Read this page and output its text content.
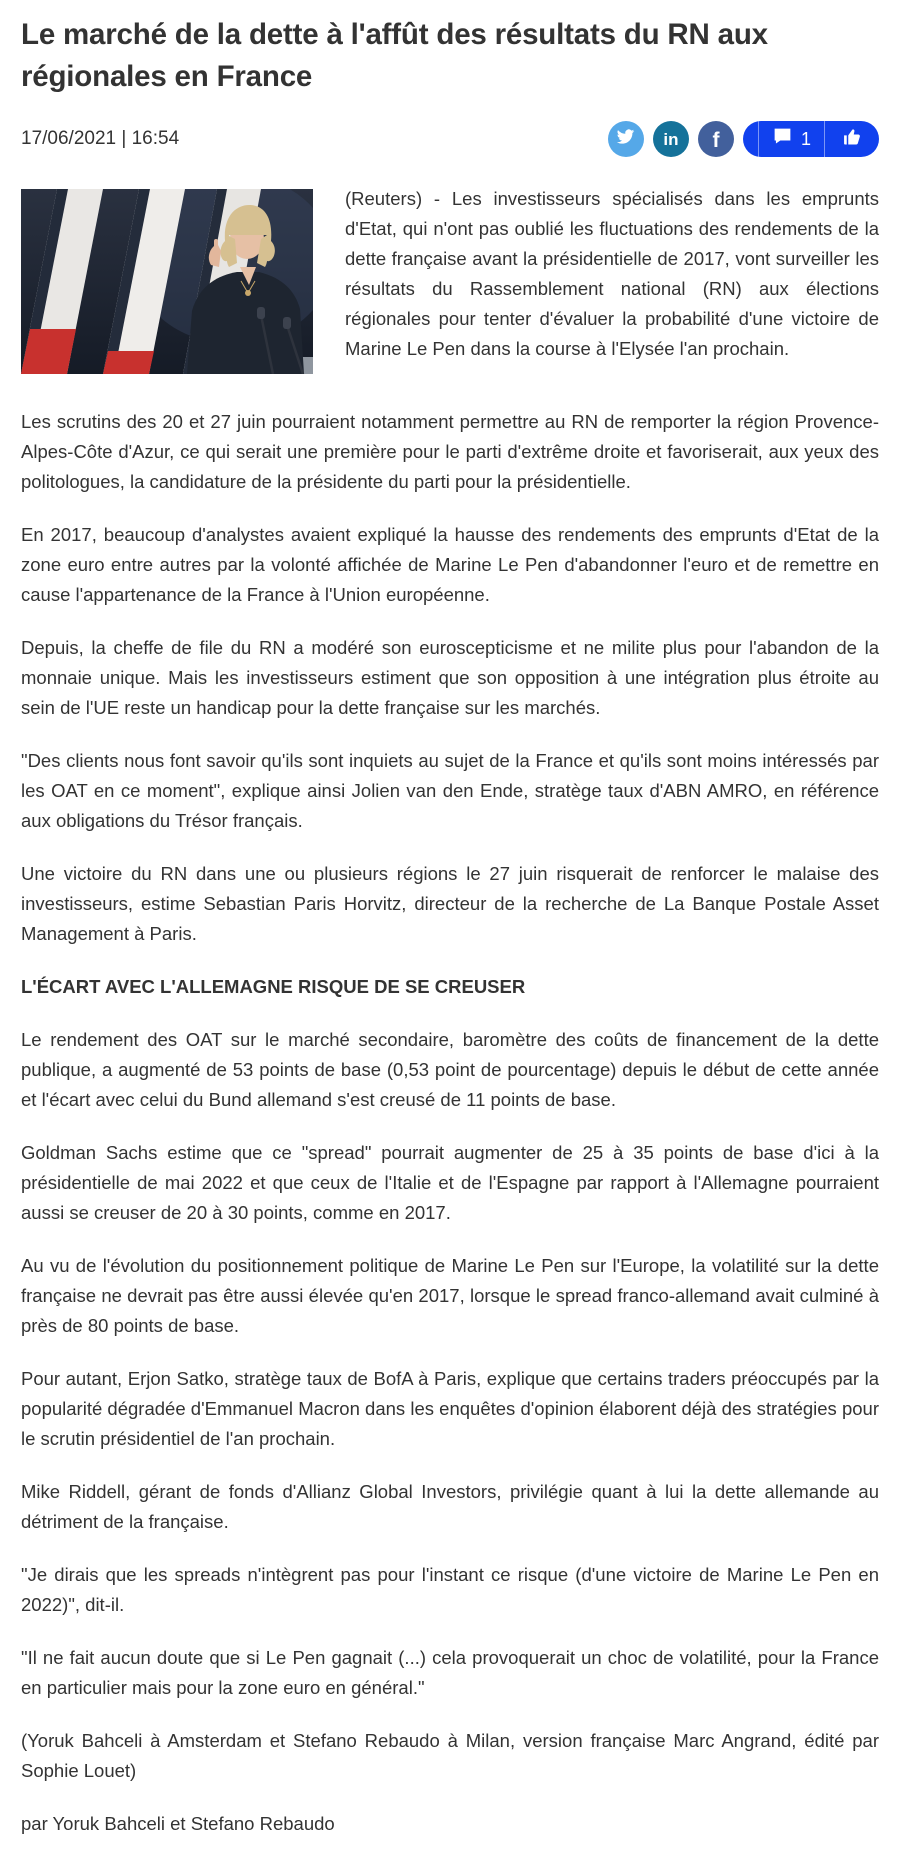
Le marché de la dette à l'affût des résultats du RN aux régionales en France
17/06/2021 | 16:54	in f	1

(Reuters) - Les investisseurs spécialisés dans les emprunts d'Etat, qui n'ont pas oublié les fluctuations des rendements de la dette française avant la présidentielle de 2017, vont surveiller les résultats du Rassemblement national (RN) aux élections régionales pour tenter d'évaluer la probabilité d'une victoire de Marine Le Pen dans la course à l'Elysée l'an prochain.

Les scrutins des 20 et 27 juin pourraient notamment permettre au RN de remporter la région Provence-Alpes-Côte d'Azur, ce qui serait une première pour le parti d'extrême droite et favoriserait, aux yeux des politologues, la candidature de la présidente du parti pour la présidentielle.

En 2017, beaucoup d'analystes avaient expliqué la hausse des rendements des emprunts d'Etat de la zone euro entre autres par la volonté affichée de Marine Le Pen d'abandonner l'euro et de remettre en cause l'appartenance de la France à l'Union européenne.

Depuis, la cheffe de file du RN a modéré son euroscepticisme et ne milite plus pour l'abandon de la monnaie unique. Mais les investisseurs estiment que son opposition à une intégration plus étroite au sein de l'UE reste un handicap pour la dette française sur les marchés.

"Des clients nous font savoir qu'ils sont inquiets au sujet de la France et qu'ils sont moins intéressés par les OAT en ce moment", explique ainsi Jolien van den Ende, stratège taux d'ABN AMRO, en référence aux obligations du Trésor français.

Une victoire du RN dans une ou plusieurs régions le 27 juin risquerait de renforcer le malaise des investisseurs, estime Sebastian Paris Horvitz, directeur de la recherche de La Banque Postale Asset Management à Paris.

L'ÉCART AVEC L'ALLEMAGNE RISQUE DE SE CREUSER

Le rendement des OAT sur le marché secondaire, baromètre des coûts de financement de la dette publique, a augmenté de 53 points de base (0,53 point de pourcentage) depuis le début de cette année et l'écart avec celui du Bund allemand s'est creusé de 11 points de base.

Goldman Sachs estime que ce "spread" pourrait augmenter de 25 à 35 points de base d'ici à la présidentielle de mai 2022 et que ceux de l'Italie et de l'Espagne par rapport à l'Allemagne pourraient aussi se creuser de 20 à 30 points, comme en 2017.

Au vu de l'évolution du positionnement politique de Marine Le Pen sur l'Europe, la volatilité sur la dette française ne devrait pas être aussi élevée qu'en 2017, lorsque le spread franco-allemand avait culminé à près de 80 points de base.

Pour autant, Erjon Satko, stratège taux de BofA à Paris, explique que certains traders préoccupés par la popularité dégradée d'Emmanuel Macron dans les enquêtes d'opinion élaborent déjà des stratégies pour le scrutin présidentiel de l'an prochain.

Mike Riddell, gérant de fonds d'Allianz Global Investors, privilégie quant à lui la dette allemande au détriment de la française.

"Je dirais que les spreads n'intègrent pas pour l'instant ce risque (d'une victoire de Marine Le Pen en 2022)", dit-il.

"Il ne fait aucun doute que si Le Pen gagnait (...) cela provoquerait un choc de volatilité, pour la France en particulier mais pour la zone euro en général."

(Yoruk Bahceli à Amsterdam et Stefano Rebaudo à Milan, version française Marc Angrand, édité par Sophie Louet)

par Yoruk Bahceli et Stefano Rebaudo
